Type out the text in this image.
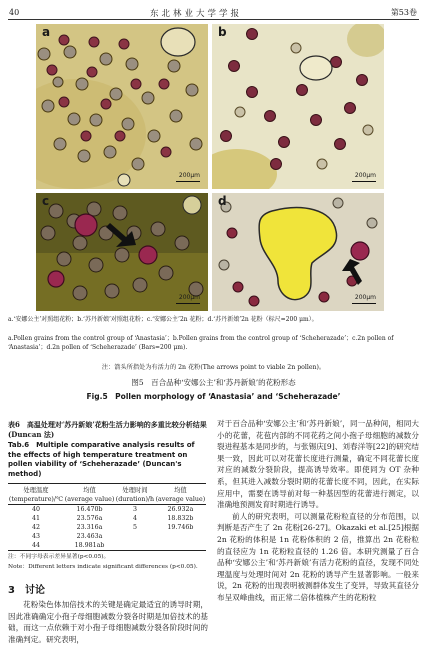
40	东北林业大学学报	第53卷
a
200μm
b
200μm
c
200μm
d
200μm
a.‘安娜公主’对照组花粉；b.‘苏丹新娘’对照组花粉；c.‘安娜公主’2n 花粉；d.‘苏丹新娘’2n 花粉（标尺=200 μm）。
a.Pollen grains from the control group of ‘Anastasia’；b.Pollen grains from the control group of ‘Scheherazade’；c.2n pollen of ‘Anastasia’；d.2n pollen of ‘Scheherazade’ (Bars=200 μm).
注：箭头所指处为有活力的 2n 花粉(The arrows point to viable 2n pollen)。
图5　百合品种‘安娜公主’和‘苏丹新娘’的花粉形态
Fig.5　Pollen morphology of ‘Anastasia’ and ‘Scheherazade’
表6　高温处理对‘苏丹新娘’花粉生活力影响的多重比较分析结果(Duncan 法)
Tab.6　Multiple comparative analysis results of the effects of high temperature treatment on pollen viability of ‘Scheherazade’ (Duncan's method)
处理温度	均值	处理时间	均值
(temperature)/℃	(average value)	(duration)/h	(average value)
40	16.470b	3	26.932a
41	23.576a	4	18.832b
42	23.316a	5	19.746b
43	23.463a		
44	18.981ab		
注：不同字母表示差异显著(p<0.05)。
Note：Different letters indicate significant differences (p<0.05).
3　讨论
花粉染色体加倍技术的关键是确定最适宜的诱导时期，因此准确确定小孢子母细胞减数分裂各时期是加倍技术的基础，而这一点依赖于对小孢子母细胞减数分裂各阶段时间的准确判定。研究表明，
对于百合品种‘安娜公主’和‘苏丹新娘’，同一品种间，相同大小的花蕾，花苞内部的不同花药之间小孢子母细胞的减数分裂进程基本是同步的，与张锡庆[9]、刘春洋等[22]的研究结果一致，因此可以对花蕾长度进行测量，确定不同花蕾长度对应的减数分裂阶段，提高诱导效率。即使同为 OT 杂种系，但其进入减数分裂时期的花蕾长度不同，因此，在实际应用中，需要在诱导前对每一种基因型的花蕾进行测定，以准确地预测发育时期进行诱导。
前人的研究表明，可以测量花粉粒直径的分布范围，以判断是否产生了 2n 花粉[26-27]。Okazaki et al.[25]根据 2n 花粉的体积是 1n 花粉体积的 2 倍，推算出 2n 花粉粒的直径应为 1n 花粉粒直径的 1.26 倍。本研究测量了百合品种‘安娜公主’和‘苏丹新娘’有活力花粉的直径，发现不同处理温度与处理时间对 2n 花粉的诱导产生显著影响。一般来说，2n 花粉的出现表明被测群体发生了变异，导致其直径分布呈双峰曲线，而正常二倍体植株产生的花粉粒
